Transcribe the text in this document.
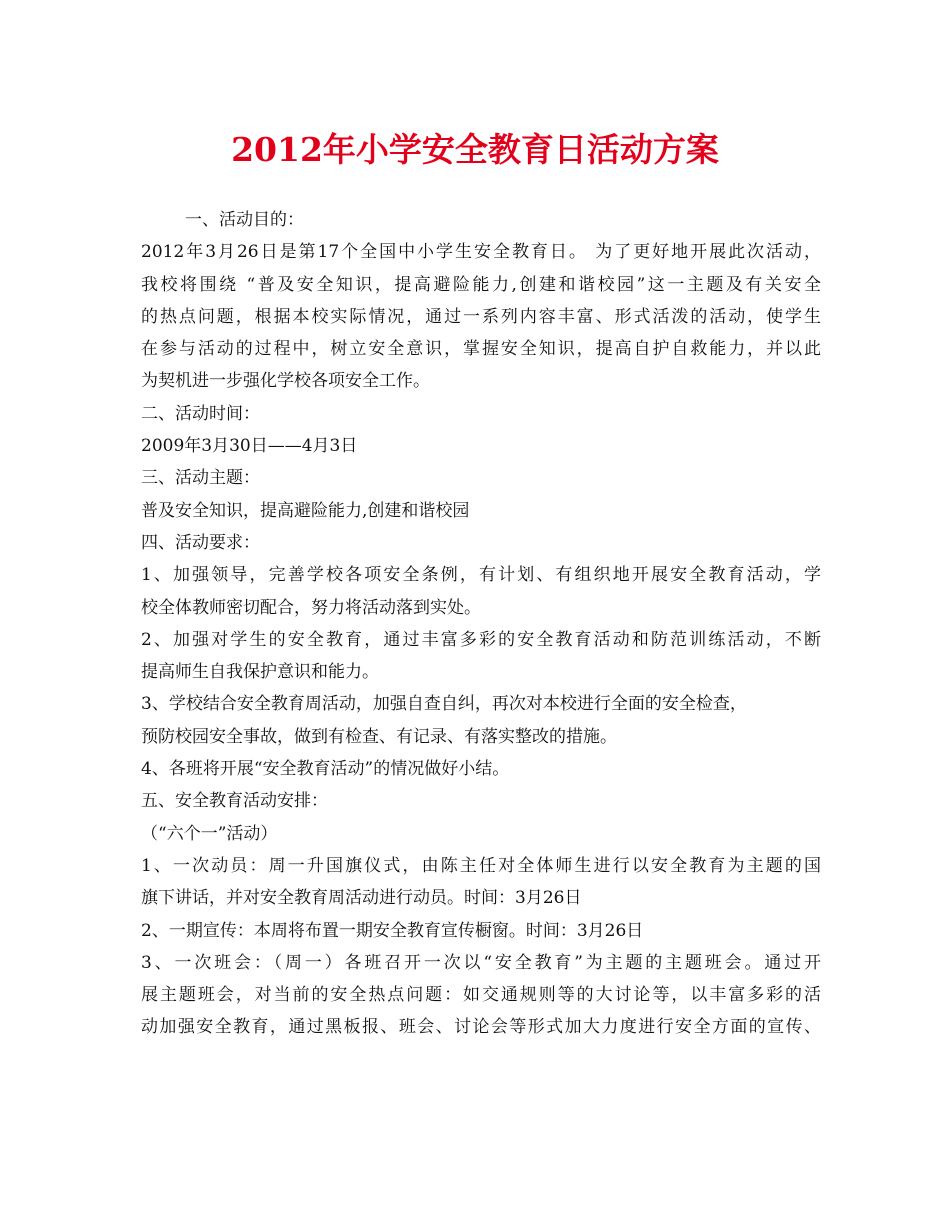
2012年小学安全教育日活动方案
一、活动目的：
2012年3月26日是第17个全国中小学生安全教育日。 为了更好地开展此次活动，
我校将围绕 “普及安全知识，提高避险能力,创建和谐校园”这一主题及有关安全
的热点问题，根据本校实际情况，通过一系列内容丰富、形式活泼的活动，使学生
在参与活动的过程中，树立安全意识，掌握安全知识，提高自护自救能力，并以此
为契机进一步强化学校各项安全工作。
二、活动时间：
2009年3月30日——4月3日
三、活动主题：
普及安全知识，提高避险能力,创建和谐校园
四、活动要求：
1、加强领导，完善学校各项安全条例，有计划、有组织地开展安全教育活动，学
校全体教师密切配合，努力将活动落到实处。
2、加强对学生的安全教育，通过丰富多彩的安全教育活动和防范训练活动，不断
提高师生自我保护意识和能力。
3、学校结合安全教育周活动，加强自查自纠，再次对本校进行全面的安全检查，
预防校园安全事故，做到有检查、有记录、有落实整改的措施。
4、各班将开展“安全教育活动”的情况做好小结。
五、安全教育活动安排：
（“六个一”活动）
1、一次动员：周一升国旗仪式，由陈主任对全体师生进行以安全教育为主题的国
旗下讲话，并对安全教育周活动进行动员。时间：3月26日
2、一期宣传：本周将布置一期安全教育宣传橱窗。时间：3月26日
3、一次班会：（周一）各班召开一次以“安全教育”为主题的主题班会。通过开
展主题班会，对当前的安全热点问题：如交通规则等的大讨论等，以丰富多彩的活
动加强安全教育，通过黑板报、班会、讨论会等形式加大力度进行安全方面的宣传、
